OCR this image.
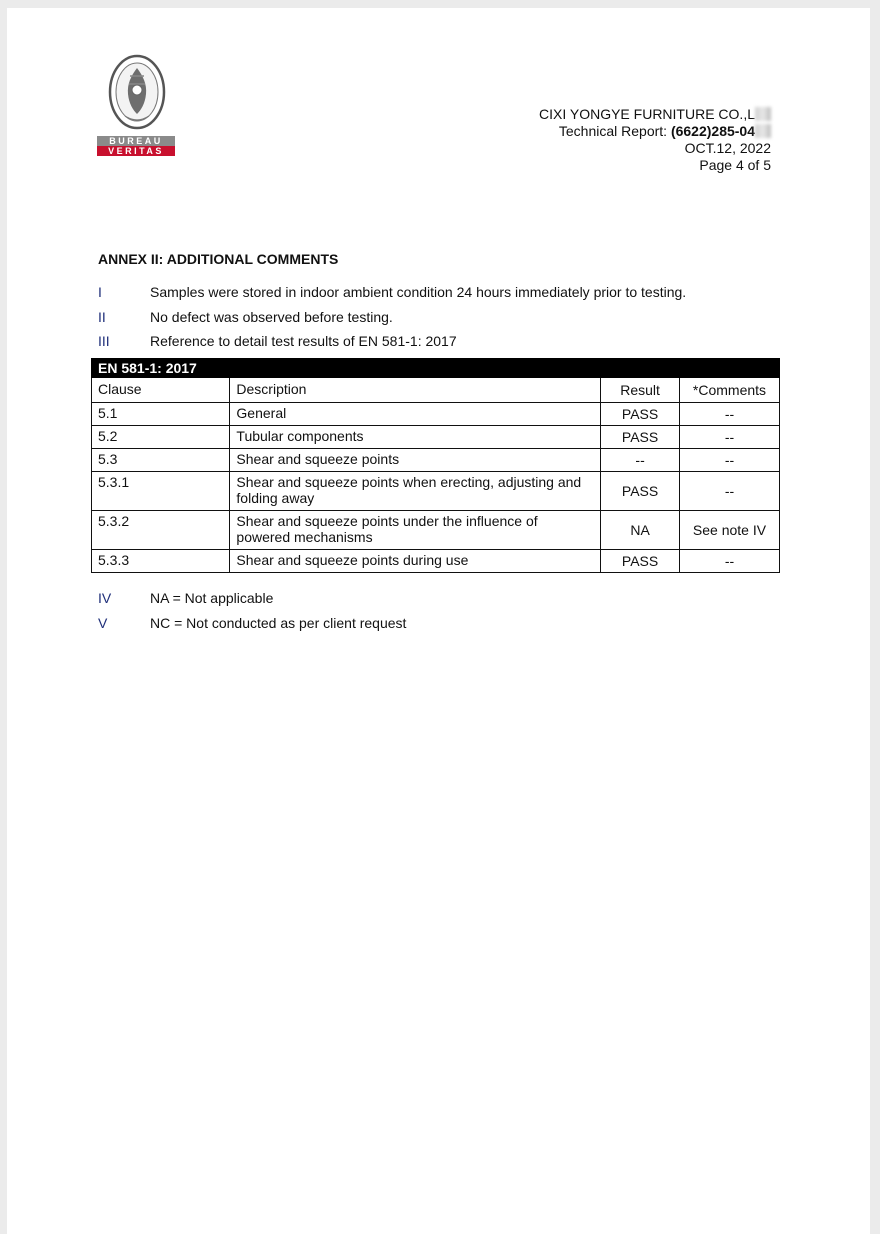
BUREAU
VERITAS
CIXI YONGYE FURNITURE CO.,L
Technical Report: (6622)285-04
OCT.12, 2022
Page 4 of 5
ANNEX II: ADDITIONAL COMMENTS
I	Samples were stored in indoor ambient condition 24 hours immediately prior to testing.
II	No defect was observed before testing.
III	Reference to detail test results of EN 581-1: 2017
EN 581-1: 2017			
Clause	Description	Result	*Comments
5.1	General	PASS	--
5.2	Tubular components	PASS	--
5.3	Shear and squeeze points	--	--
5.3.1	Shear and squeeze points when erecting, adjusting and folding away	PASS	--
5.3.2	Shear and squeeze points under the influence of powered mechanisms	NA	See note IV
5.3.3	Shear and squeeze points during use	PASS	--
IV	NA = Not applicable
V	NC = Not conducted as per client request
